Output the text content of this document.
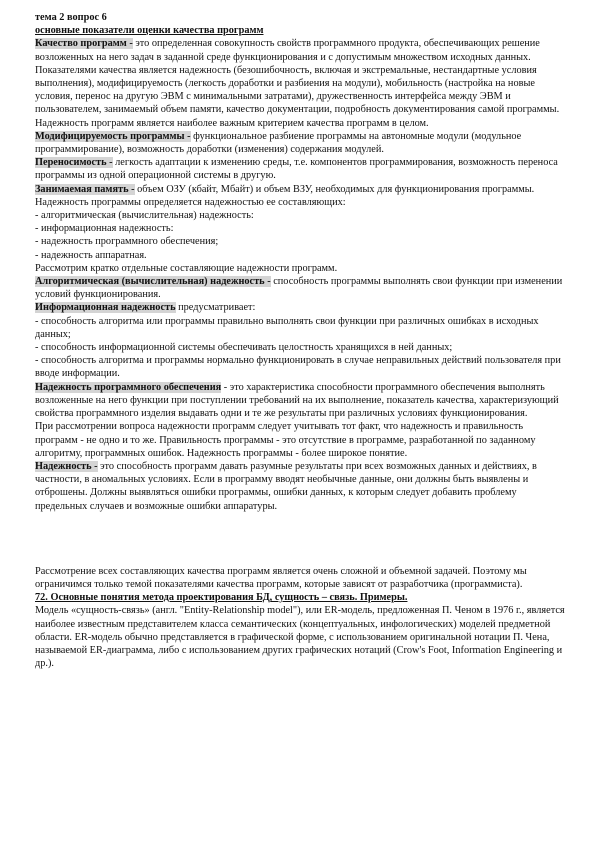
тема 2 вопрос 6

основные показатели оценки качества программ

Качество программ - это определенная совокупность свойств программного продукта, обеспечивающих решение возложенных на него задач в заданной среде функционирования и с допустимым множеством исходных данных.

Показателями качества является надежность (безошибочность, включая и экстремальные, нестандартные условия выполнения), модифицируемость (легкость доработки и разбиения на модули), мобильность (настройка на новые условия, перенос на другую ЭВМ с минимальными затратами), дружественность интерфейса между ЭВМ и пользователем, занимаемый объем памяти, качество документации, подробность документирования самой программы.

Надежность программ является наиболее важным критерием качества программ в целом.

Модифицируемость программы - функциональное разбиение программы на автономные модули (модульное программирование), возможность доработки (изменения) содержания модулей.

Переносимость - легкость адаптации к изменению среды, т.е. компонентов программирования, возможность переноса программы из одной операционной системы в другую.

Занимаемая память - объем ОЗУ (кбайт, Мбайт) и объем ВЗУ, необходимых для функционирования программы.

Надежность программы определяется надежностью ее составляющих:

- алгоритмическая (вычислительная) надежность:

- информационная надежность:

- надежность программного обеспечения;

- надежность аппаратная.

Рассмотрим кратко отдельные составляющие надежности программ.

Алгоритмическая (вычислительная) надежность - способность программы выполнять свои функции при изменении условий функционирования.

Информационная надежность предусматривает:

- способность алгоритма или программы правильно выполнять свои функции при различных ошибках в исходных данных;

- способность информационной системы обеспечивать целостность хранящихся в ней данных;

- способность алгоритма и программы нормально функционировать в случае неправильных действий пользователя при вводе информации.

Надежность программного обеспечения - это характеристика способности программного обеспечения выполнять возложенные на него функции при поступлении требований на их выполнение, показатель качества, характеризующий свойства программного изделия выдавать одни и те же результаты при различных условиях функционирования.

При рассмотрении вопроса надежности программ следует учитывать тот факт, что надежность и правильность программ - не одно и то же. Правильность программы - это отсутствие в программе, разработанной по заданному алгоритму, программных ошибок. Надежность программы - более широкое понятие.

Надежность - это способность программ давать разумные результаты при всех возможных данных и действиях, в частности, в аномальных условиях. Если в программу вводят необычные данные, они должны быть выявлены и отброшены. Должны выявляться ошибки программы, ошибки данных, к которым следует добавить проблему предельных случаев и возможные ошибки аппаратуры.

Рассмотрение всех составляющих качества программ является очень сложной и объемной задачей. Поэтому мы ограничимся только темой показателями качества программ, которые зависят от разработчика (программиста).

72. Основные понятия метода проектирования БД, сущность – связь. Примеры.

Модель «сущность-связь» (англ. "Entity-Relationship model"), или ER-модель, предложенная П. Ченом в 1976 г., является наиболее известным представителем класса семантических (концептуальных, инфологических) моделей предметной области. ER-модель обычно представляется в графической форме, с использованием оригинальной нотации П. Чена, называемой ER-диаграмма, либо с использованием других графических нотаций (Crow's Foot, Information Engineering и др.).
